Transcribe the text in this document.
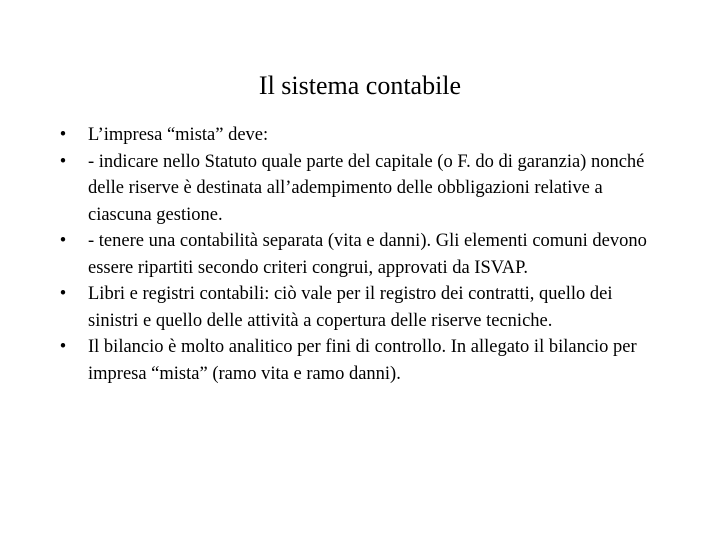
Il sistema contabile
• L’impresa “mista” deve:
• - indicare nello Statuto quale parte del capitale (o F. do di garanzia) nonché delle riserve è destinata all’adempimento delle obbligazioni relative a ciascuna gestione.
• - tenere una contabilità separata (vita e danni). Gli elementi comuni devono essere ripartiti secondo criteri congrui, approvati da ISVAP.
• Libri e registri contabili: ciò vale per il registro dei contratti, quello dei sinistri e quello delle attività a copertura delle riserve tecniche.
• Il bilancio è molto analitico per fini di controllo. In allegato il bilancio per impresa “mista” (ramo vita e ramo danni).
